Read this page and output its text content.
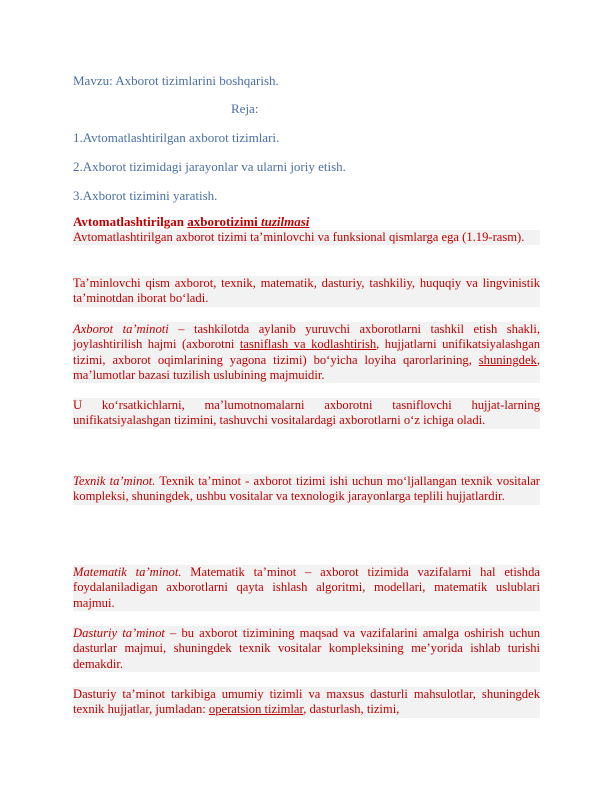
Mavzu: Axborot tizimlarini boshqarish.
Reja:
1.Avtomatlashtirilgan axborot tizimlari.
2.Axborot tizimidagi jarayonlar va ularni joriy etish.
3.Axborot tizimini yaratish.
Avtomatlashtirilgan axborotizimi tuzilmasi

Avtomatlashtirilgan axborot tizimi ta’minlovchi va funksional qismlarga ega (1.19-rasm).

Ta’minlovchi qism axborot, texnik, matematik, dasturiy, tashkiliy, huquqiy va lingvinistik ta’minotdan iborat bo‘ladi.

Axborot ta’minoti – tashkilotda aylanib yuruvchi axborotlarni tashkil etish shakli, joylashtirilish hajmi (axborotni tasniflash va kodlashtirish, hujjatlarni unifikatsiyalashgan tizimi, axborot oqimlarining yagona tizimi) bo‘yicha loyiha qarorlarining, shuningdek, ma’lumotlar bazasi tuzilish uslubining majmuidir.

U ko‘rsatkichlarni, ma’lumotnomalarni axborotni tasniflovchi hujjat-larning unifikatsiyalashgan tizimini, tashuvchi vositalardagi axborotlarni o‘z ichiga oladi.

Texnik ta’minot. Texnik ta’minot - axborot tizimi ishi uchun mo‘ljallangan texnik vositalar kompleksi, shuningdek, ushbu vositalar va texnologik jarayonlarga teplili hujjatlardir.

Matematik ta’minot. Matematik ta’minot – axborot tizimida vazifalarni hal etishda foydalaniladigan axborotlarni qayta ishlash algoritmi, modellari, matematik uslublari majmui.

Dasturiy ta’minot – bu axborot tizimining maqsad va vazifalarini amalga oshirish uchun dasturlar majmui, shuningdek texnik vositalar kompleksining me’yorida ishlab turishi demakdir.

Dasturiy ta’minot tarkibiga umumiy tizimli va maxsus dasturli mahsulotlar, shuningdek texnik hujjatlar, jumladan: operatsion tizimlar, dasturlash, tizimi,
